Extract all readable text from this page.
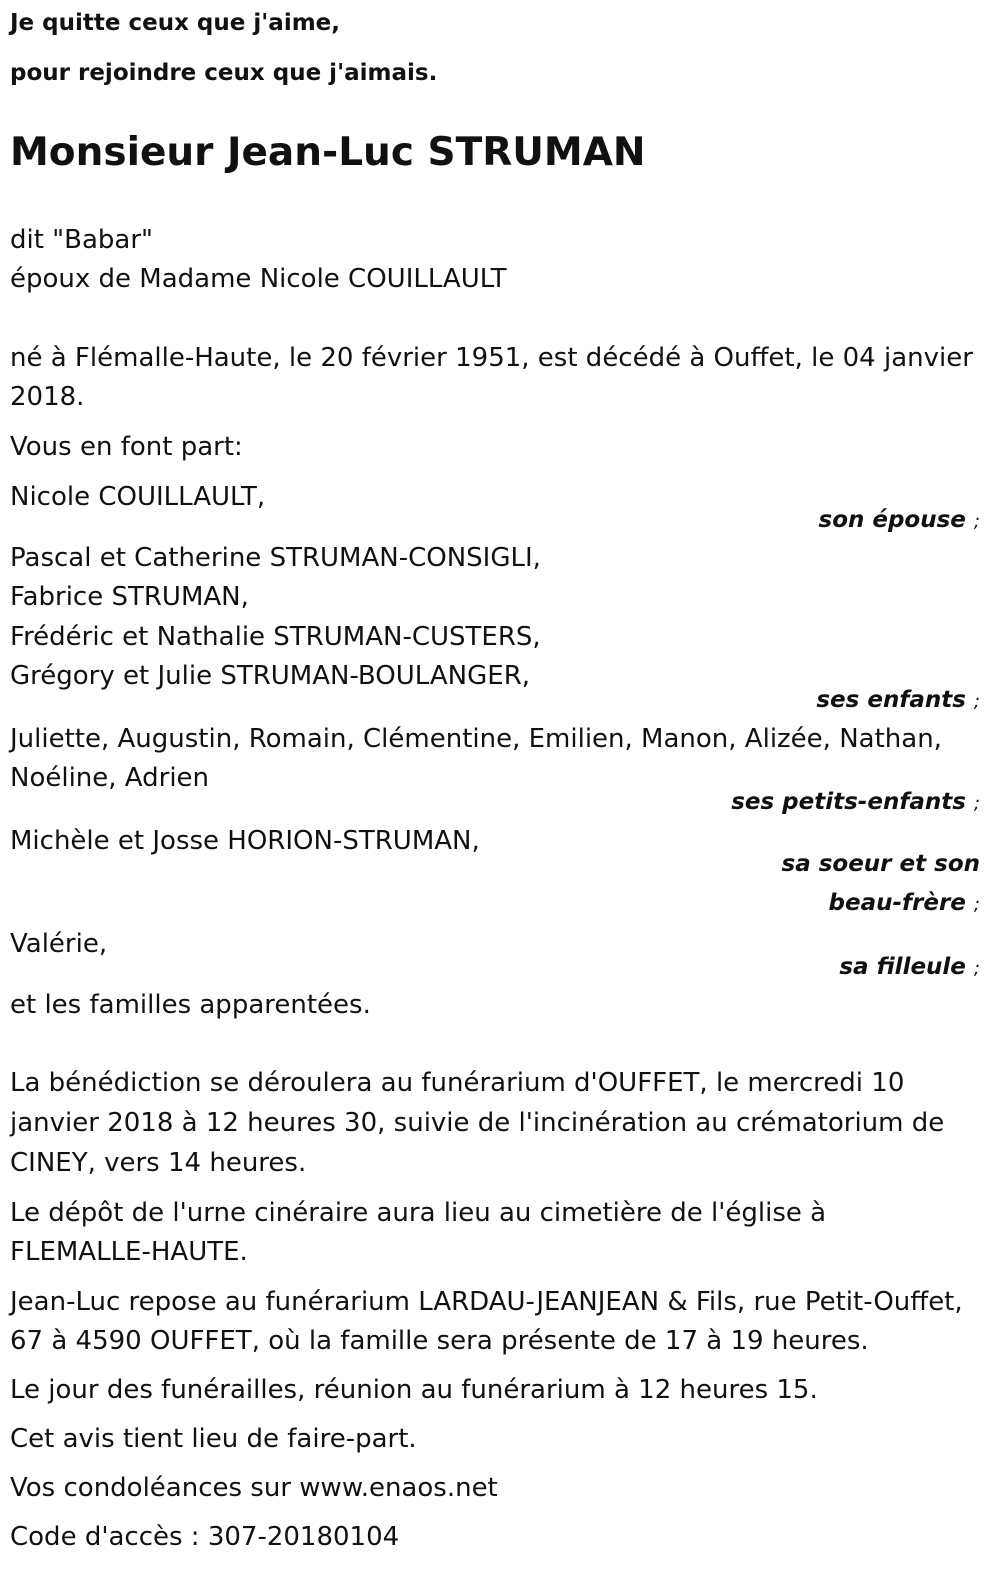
Je quitte ceux que j'aime,

pour rejoindre ceux que j'aimais.

Monsieur Jean-Luc STRUMAN

dit "Babar"

époux de Madame Nicole COUILLAULT

né à Flémalle-Haute, le 20 février 1951, est décédé à Ouffet, le 04 janvier

2018.

Vous en font part:

Nicole COUILLAULT,

son épouse ;

Pascal et Catherine STRUMAN-CONSIGLI,

Fabrice STRUMAN,

Frédéric et Nathalie STRUMAN-CUSTERS,

Grégory et Julie STRUMAN-BOULANGER,

ses enfants ;

Juliette, Augustin, Romain, Clémentine, Emilien, Manon, Alizée, Nathan,

Noéline, Adrien

ses petits-enfants ;

Michèle et Josse HORION-STRUMAN,

sa soeur et son
beau-frère ;

Valérie,

sa filleule ;

et les familles apparentées.

La bénédiction se déroulera au funérarium d'OUFFET, le mercredi 10

janvier 2018 à 12 heures 30, suivie de l'incinération au crématorium de

CINEY, vers 14 heures.

Le dépôt de l'urne cinéraire aura lieu au cimetière de l'église à

FLEMALLE-HAUTE.

Jean-Luc repose au funérarium LARDAU-JEANJEAN & Fils, rue Petit-Ouffet,

67 à 4590 OUFFET, où la famille sera présente de 17 à 19 heures.

Le jour des funérailles, réunion au funérarium à 12 heures 15.

Cet avis tient lieu de faire-part.

Vos condoléances sur www.enaos.net

Code d'accès : 307-20180104
